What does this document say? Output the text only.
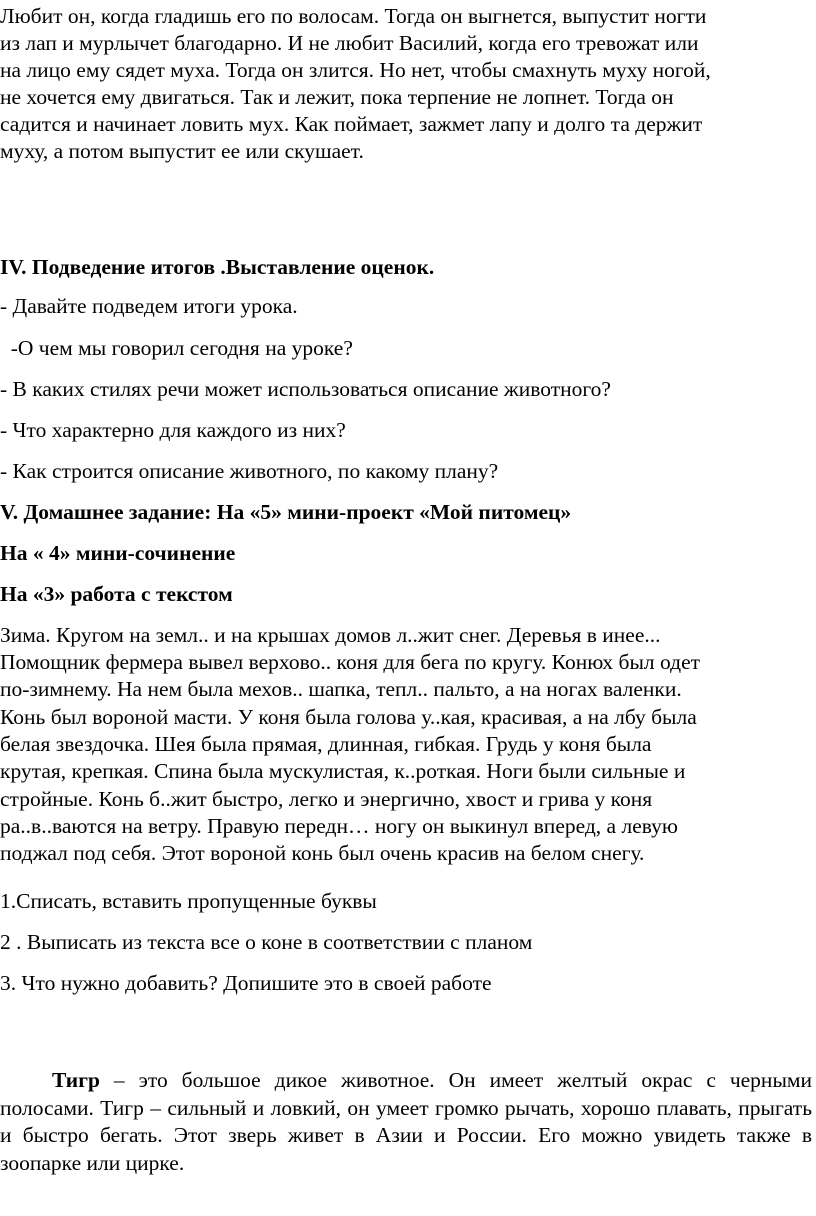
Любит он, когда гладишь его по волосам. Тогда он выгнется, выпустит ногти
из лап и мурлычет благодарно. И не любит Василий, когда его тревожат или
на лицо ему сядет муха. Тогда он злится. Но нет, чтобы смахнуть муху ногой,
не хочется ему двигаться. Так и лежит, пока терпение не лопнет. Тогда он
садится и начинает ловить мух. Как поймает, зажмет лапу и долго та держит
муху, а потом выпустит ее или скушает.
IV. Подведение итогов .Выставление оценок.
- Давайте подведем итоги урока.
-О чем мы говорил сегодня на уроке?
- В каких стилях речи может использоваться описание животного?
- Что характерно для каждого из них?
- Как строится описание животного, по какому плану?
V. Домашнее задание: На «5» мини-проект «Мой питомец»
На « 4» мини-сочинение
На «3» работа с текстом
Зима. Кругом на земл.. и на крышах домов л..жит снег. Деревья в инее...
Помощник фермера вывел верхово.. коня для бега по кругу. Конюх был одет
по-зимнему. На нем была мехов.. шапка, тепл.. пальто, а на ногах валенки.
Конь был вороной масти. У коня была голова у..кая, красивая, а на лбу была
белая звездочка. Шея была прямая, длинная, гибкая. Грудь у коня была
крутая, крепкая. Спина была мускулистая, к..роткая. Ноги были сильные и
стройные. Конь б..жит быстро, легко и энергично, хвост и грива у коня
ра..в..ваются на ветру. Правую передн… ногу он выкинул вперед, а левую
поджал под себя. Этот вороной конь был очень красив на белом снегу.
1.Списать, вставить пропущенные буквы
2 . Выписать из текста все о коне в соответствии с планом
3. Что нужно добавить? Допишите это в своей работе

Тигр – это большое дикое животное. Он имеет желтый окрас с черными полосами. Тигр – сильный и ловкий, он умеет громко рычать, хорошо плавать, прыгать и быстро бегать. Этот зверь живет в Азии и России. Его можно увидеть также в зоопарке или цирке.
